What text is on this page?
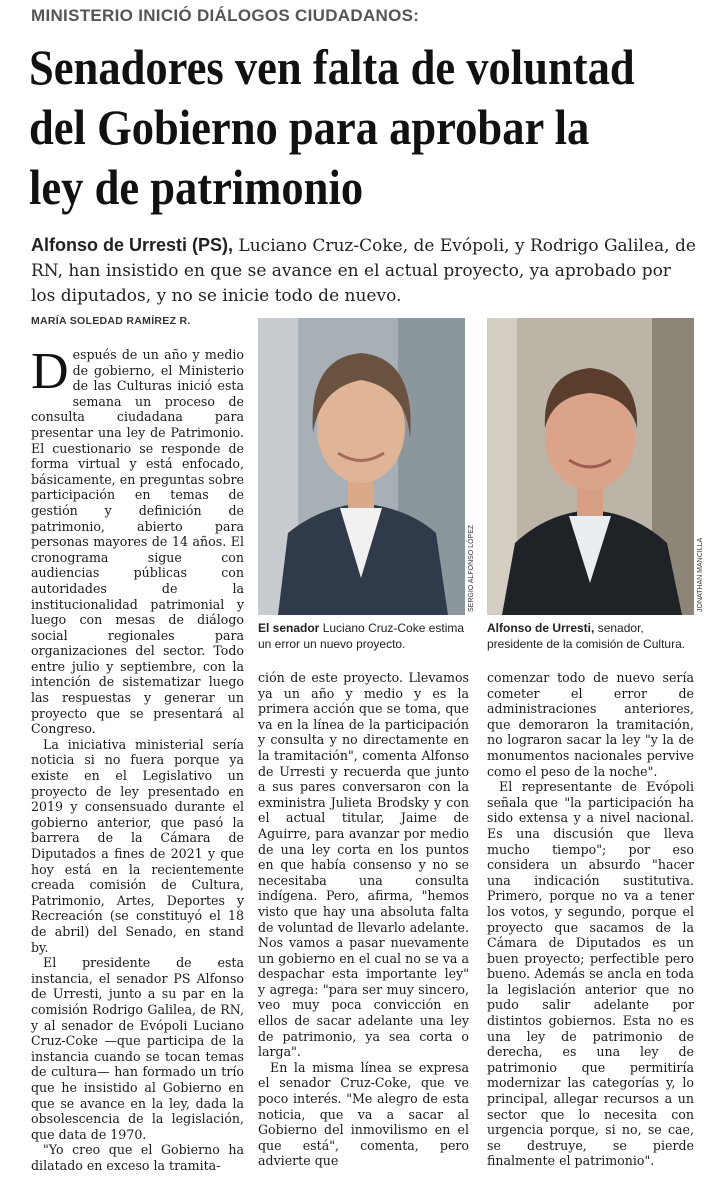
MINISTERIO INICIÓ DIÁLOGOS CIUDADANOS:
Senadores ven falta de voluntad del Gobierno para aprobar la ley de patrimonio
Alfonso de Urresti (PS), Luciano Cruz-Coke, de Evópoli, y Rodrigo Galilea, de RN, han insistido en que se avance en el actual proyecto, ya aprobado por los diputados, y no se inicie todo de nuevo.
MARÍA SOLEDAD RAMÍREZ R.
SERGIO ALFONSO LÓPEZ
El senador Luciano Cruz-Coke estima un error un nuevo proyecto.
JONATHAN MANCILLA
Alfonso de Urresti, senador, presidente de la comisión de Cultura.

Después de un año y medio de gobierno, el Ministerio de las Culturas inició esta semana un proceso de consulta ciudadana para presentar una ley de Patrimonio. El cuestionario se responde de forma virtual y está enfocado, básicamente, en preguntas sobre participación en temas de gestión y definición de patrimonio, abierto para personas mayores de 14 años. El cronograma sigue con audiencias públicas con autoridades de la institucionalidad patrimonial y luego con mesas de diálogo social regionales para organizaciones del sector. Todo entre julio y septiembre, con la intención de sistematizar luego las respuestas y generar un proyecto que se presentará al Congreso.

La iniciativa ministerial sería noticia si no fuera porque ya existe en el Legislativo un proyecto de ley presentado en 2019 y consensuado durante el gobierno anterior, que pasó la barrera de la Cámara de Diputados a fines de 2021 y que hoy está en la recientemente creada comisión de Cultura, Patrimonio, Artes, Deportes y Recreación (se constituyó el 18 de abril) del Senado, en stand by.

El presidente de esta instancia, el senador PS Alfonso de Urresti, junto a su par en la comisión Rodrigo Galilea, de RN, y al senador de Evópoli Luciano Cruz-Coke —que participa de la instancia cuando se tocan temas de cultura— han formado un trío que he insistido al Gobierno en que se avance en la ley, dada la obsolescencia de la legislación, que data de 1970.

"Yo creo que el Gobierno ha dilatado en exceso la tramita-

ción de este proyecto. Llevamos ya un año y medio y es la primera acción que se toma, que va en la línea de la participación y consulta y no directamente en la tramitación", comenta Alfonso de Urresti y recuerda que junto a sus pares conversaron con la exministra Julieta Brodsky y con el actual titular, Jaime de Aguirre, para avanzar por medio de una ley corta en los puntos en que había consenso y no se necesitaba una consulta indígena. Pero, afirma, "hemos visto que hay una absoluta falta de voluntad de llevarlo adelante. Nos vamos a pasar nuevamente un gobierno en el cual no se va a despachar esta importante ley" y agrega: "para ser muy sincero, veo muy poca convicción en ellos de sacar adelante una ley de patrimonio, ya sea corta o larga".

En la misma línea se expresa el senador Cruz-Coke, que ve poco interés. "Me alegro de esta noticia, que va a sacar al Gobierno del inmovilismo en el que está", comenta, pero advierte que

comenzar todo de nuevo sería cometer el error de administraciones anteriores, que demoraron la tramitación, no lograron sacar la ley "y la de monumentos nacionales pervive como el peso de la noche".

El representante de Evópoli señala que "la participación ha sido extensa y a nivel nacional. Es una discusión que lleva mucho tiempo"; por eso considera un absurdo "hacer una indicación sustitutiva. Primero, porque no va a tener los votos, y segundo, porque el proyecto que sacamos de la Cámara de Diputados es un buen proyecto; perfectible pero bueno. Además se ancla en toda la legislación anterior que no pudo salir adelante por distintos gobiernos. Esta no es una ley de patrimonio de derecha, es una ley de patrimonio que permitiría modernizar las categorías y, lo principal, allegar recursos a un sector que lo necesita con urgencia porque, si no, se cae, se destruye, se pierde finalmente el patrimonio".
